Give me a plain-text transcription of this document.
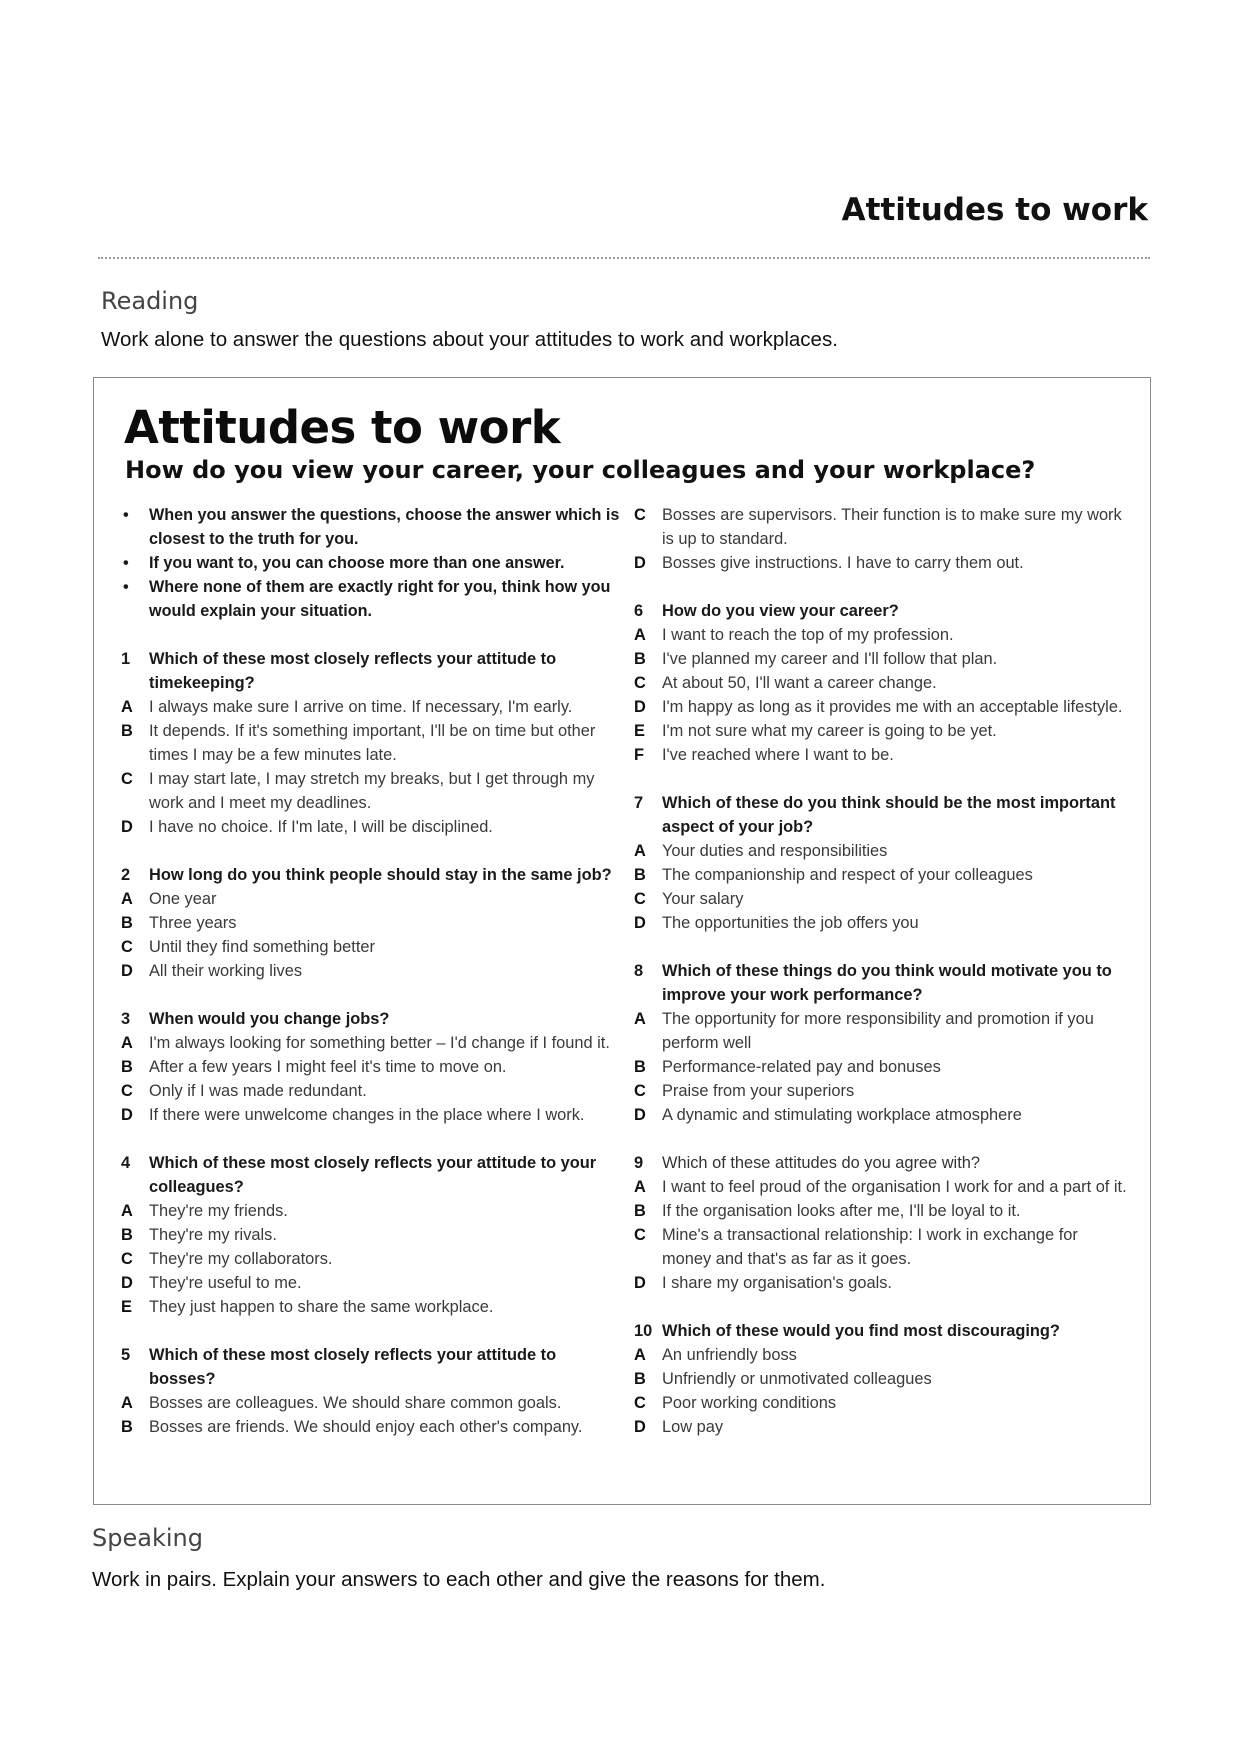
Attitudes to work
Reading
Work alone to answer the questions about your attitudes to work and workplaces.
Attitudes to work
How do you view your career, your colleagues and your workplace?
• When you answer the questions, choose the answer which is closest to the truth for you.
• If you want to, you can choose more than one answer.
• Where none of them are exactly right for you, think how you would explain your situation.
1	Which of these most closely reflects your attitude to timekeeping?
A I always make sure I arrive on time. If necessary, I'm early.
B It depends. If it's something important, I'll be on time but other times I may be a few minutes late.
C I may start late, I may stretch my breaks, but I get through my work and I meet my deadlines.
D I have no choice. If I'm late, I will be disciplined.
2	How long do you think people should stay in the same job?
A One year
B Three years
C Until they find something better
D All their working lives
3	When would you change jobs?
A I'm always looking for something better – I'd change if I found it.
B After a few years I might feel it's time to move on.
C Only if I was made redundant.
D If there were unwelcome changes in the place where I work.
4	Which of these most closely reflects your attitude to your colleagues?
A They're my friends.
B They're my rivals.
C They're my collaborators.
D They're useful to me.
E	They just happen to share the same workplace.
5	Which of these most closely reflects your attitude to bosses?
A Bosses are colleagues. We should share common goals.
B Bosses are friends. We should enjoy each other's company.
C Bosses are supervisors. Their function is to make sure my work is up to standard.
D Bosses give instructions. I have to carry them out.
6	How do you view your career?
A I want to reach the top of my profession.
B I've planned my career and I'll follow that plan.
C At about 50, I'll want a career change.
D I'm happy as long as it provides me with an acceptable lifestyle.
E	I'm not sure what my career is going to be yet.
F	I've reached where I want to be.
7	Which of these do you think should be the most important aspect of your job?
A Your duties and responsibilities
B The companionship and respect of your colleagues
C Your salary
D The opportunities the job offers you
8	Which of these things do you think would motivate you to improve your work performance?
A The opportunity for more responsibility and promotion if you perform well
B Performance-related pay and bonuses
C Praise from your superiors
D A dynamic and stimulating workplace atmosphere
9	Which of these attitudes do you agree with?
A I want to feel proud of the organisation I work for and a part of it.
B If the organisation looks after me, I'll be loyal to it.
C Mine's a transactional relationship: I work in exchange for money and that's as far as it goes.
D I share my organisation's goals.
10 Which of these would you find most discouraging?
A An unfriendly boss
B Unfriendly or unmotivated colleagues
C Poor working conditions
D Low pay
Speaking
Work in pairs. Explain your answers to each other and give the reasons for them.
